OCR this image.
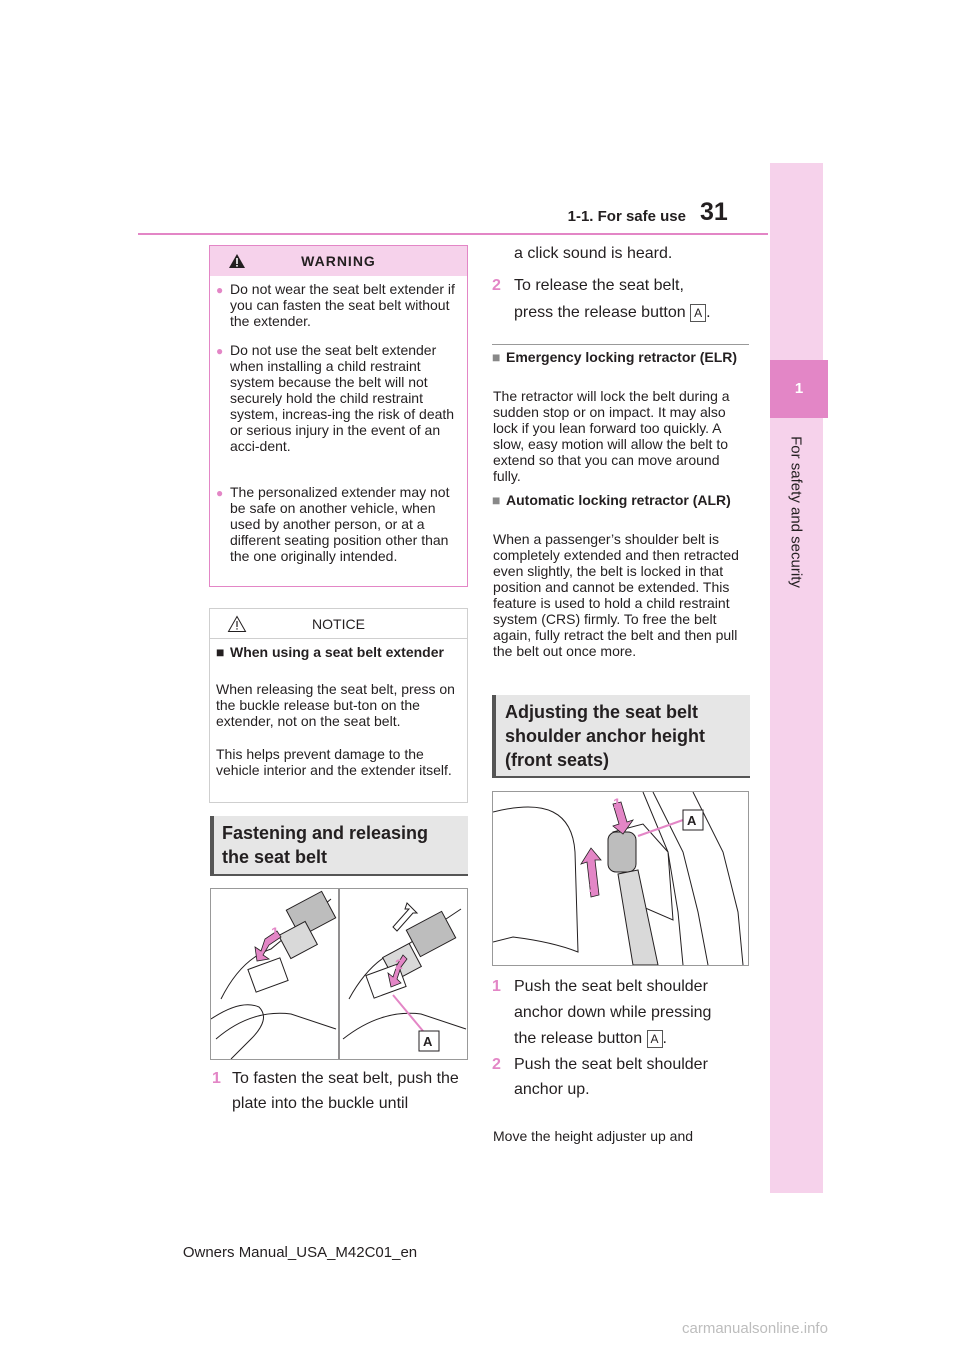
1-1. For safe use 31
1
For safety and security
WARNING
● Do not wear the seat belt extender if you can fasten the seat belt without the extender.
● Do not use the seat belt extender when installing a child restraint system because the belt will not securely hold the child restraint system, increas-ing the risk of death or serious injury in the event of an acci-dent.
● The personalized extender may not be safe on another vehicle, when used by another person, or at a different seating position other than the one originally intended.
NOTICE
■ When using a seat belt extender
When releasing the seat belt, press on the buckle release but-ton on the extender, not on the seat belt.
This helps prevent damage to the vehicle interior and the extender itself.
Fastening and releasing the seat belt
1
2
A
1 To fasten the seat belt, push the plate into the buckle until
a click sound is heard.
2 To release the seat belt,
press the release button A .
■ Emergency locking retractor (ELR)
The retractor will lock the belt during a sudden stop or on impact. It may also lock if you lean forward too quickly. A slow, easy motion will allow the belt to extend so that you can move around fully.
■ Automatic locking retractor (ALR)
When a passenger’s shoulder belt is completely extended and then retracted even slightly, the belt is locked in that position and cannot be extended. This feature is used to hold a child restraint system (CRS) firmly. To free the belt again, fully retract the belt and then pull the belt out once more.
Adjusting the seat belt shoulder anchor height (front seats)
1
2
A
1 Push the seat belt shoulder
anchor down while pressing
the release button A .
2 Push the seat belt shoulder anchor up.
Move the height adjuster up and
Owners Manual_USA_M42C01_en
carmanualsonline.info
